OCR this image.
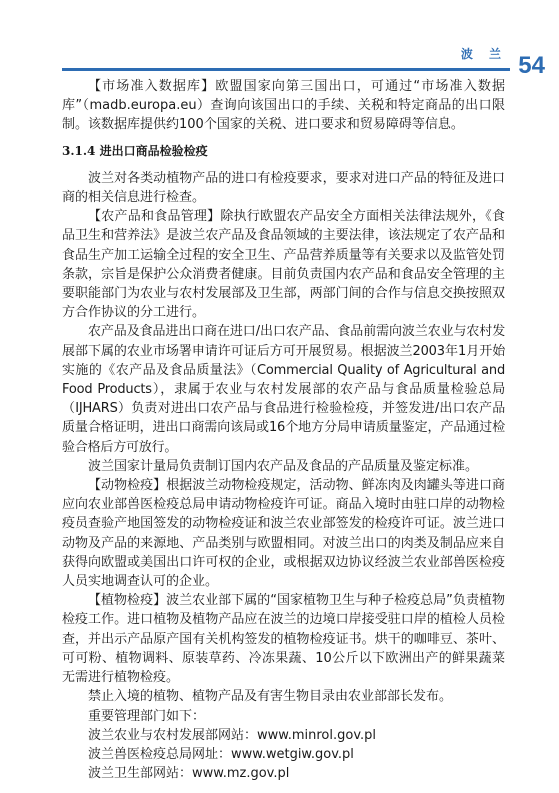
波 兰 54

【市场准入数据库】欧盟国家向第三国出口，可通过“市场准入数据库”（madb.europa.eu）查询向该国出口的手续、关税和特定商品的出口限制。该数据库提供约100个国家的关税、进口要求和贸易障碍等信息。

3.1.4 进出口商品检验检疫

波兰对各类动植物产品的进口有检疫要求，要求对进口产品的特征及进口商的相关信息进行检查。

【农产品和食品管理】除执行欧盟农产品安全方面相关法律法规外，《食品卫生和营养法》是波兰农产品及食品领域的主要法律，该法规定了农产品和食品生产加工运输全过程的安全卫生、产品营养质量等有关要求以及监管处罚条款，宗旨是保护公众消费者健康。目前负责国内农产品和食品安全管理的主要职能部门为农业与农村发展部及卫生部，两部门间的合作与信息交换按照双方合作协议的分工进行。

农产品及食品进出口商在进口/出口农产品、食品前需向波兰农业与农村发展部下属的农业市场署申请许可证后方可开展贸易。根据波兰2003年1月开始实施的《农产品及食品质量法》（Commercial Quality of Agricultural and Food Products），隶属于农业与农村发展部的农产品与食品质量检验总局（IJHARS）负责对进出口农产品与食品进行检验检疫，并签发进/出口农产品质量合格证明，进出口商需向该局或16个地方分局申请质量鉴定，产品通过检验合格后方可放行。

波兰国家计量局负责制订国内农产品及食品的产品质量及鉴定标准。

【动物检疫】根据波兰动物检疫规定，活动物、鲜冻肉及肉罐头等进口商应向农业部兽医检疫总局申请动物检疫许可证。商品入境时由驻口岸的动物检疫员查验产地国签发的动物检疫证和波兰农业部签发的检疫许可证。波兰进口动物及产品的来源地、产品类别与欧盟相同。对波兰出口的肉类及制品应来自获得向欧盟或美国出口许可权的企业，或根据双边协议经波兰农业部兽医检疫人员实地调查认可的企业。

【植物检疫】波兰农业部下属的“国家植物卫生与种子检疫总局”负责植物检疫工作。进口植物及植物产品应在波兰的边境口岸接受驻口岸的植检人员检查，并出示产品原产国有关机构签发的植物检疫证书。烘干的咖啡豆、茶叶、可可粉、植物调料、原装草药、冷冻果蔬、10公斤以下欧洲出产的鲜果蔬菜无需进行植物检疫。

禁止入境的植物、植物产品及有害生物目录由农业部部长发布。

重要管理部门如下：

波兰农业与农村发展部网站：www.minrol.gov.pl

波兰兽医检疫总局网址：www.wetgiw.gov.pl

波兰卫生部网站：www.mz.gov.pl
